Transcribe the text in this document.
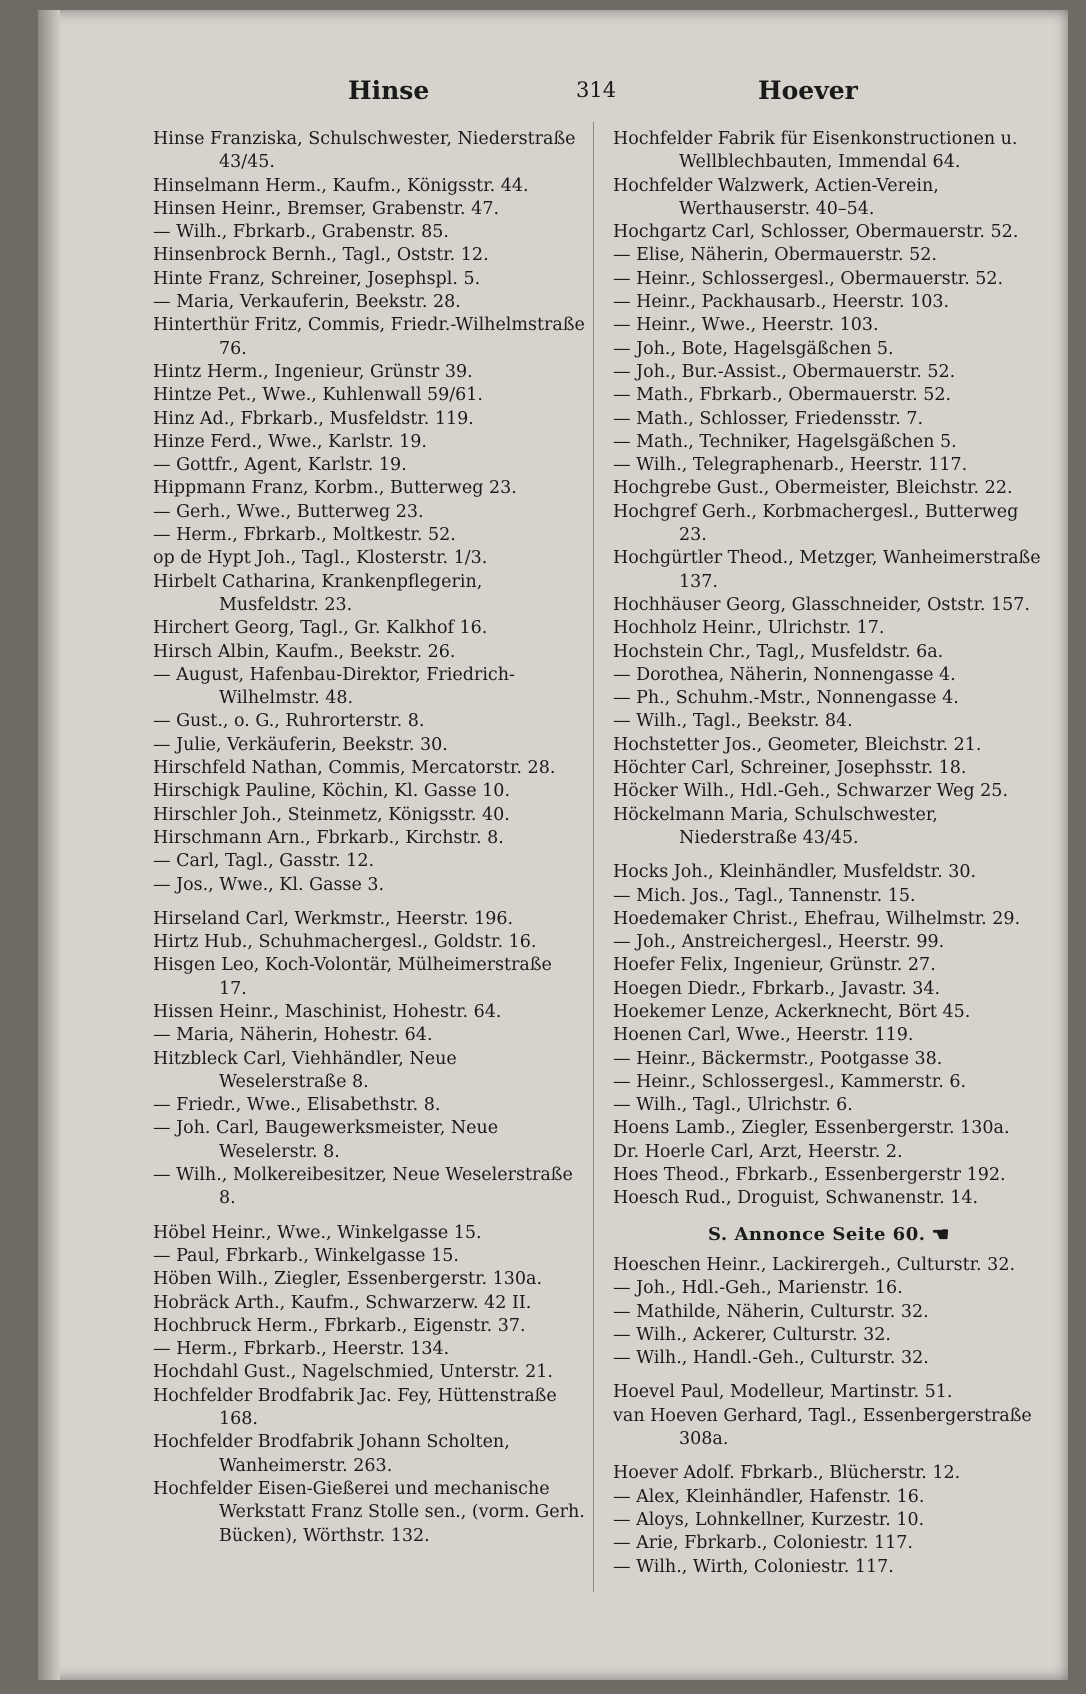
Hinse	314	Hoever

Hinse Franziska, Schulschwester, Niederstraße 43/45.

Hinselmann Herm., Kaufm., Königsstr. 44.

Hinsen Heinr., Bremser, Grabenstr. 47.

— Wilh., Fbrkarb., Grabenstr. 85.

Hinsenbrock Bernh., Tagl., Oststr. 12.

Hinte Franz, Schreiner, Josephspl. 5.

— Maria, Verkauferin, Beekstr. 28.

Hinterthür Fritz, Commis, Friedr.-Wilhelmstraße 76.

Hintz Herm., Ingenieur, Grünstr 39.

Hintze Pet., Wwe., Kuhlenwall 59/61.

Hinz Ad., Fbrkarb., Musfeldstr. 119.

Hinze Ferd., Wwe., Karlstr. 19.

— Gottfr., Agent, Karlstr. 19.

Hippmann Franz, Korbm., Butterweg 23.

— Gerh., Wwe., Butterweg 23.

— Herm., Fbrkarb., Moltkestr. 52.

op de Hypt Joh., Tagl., Klosterstr. 1/3.

Hirbelt Catharina, Krankenpflegerin, Musfeldstr. 23.

Hirchert Georg, Tagl., Gr. Kalkhof 16.

Hirsch Albin, Kaufm., Beekstr. 26.

— August, Hafenbau-Direktor, Friedrich-Wilhelmstr. 48.

— Gust., o. G., Ruhrorterstr. 8.

— Julie, Verkäuferin, Beekstr. 30.

Hirschfeld Nathan, Commis, Mercatorstr. 28.

Hirschigk Pauline, Köchin, Kl. Gasse 10.

Hirschler Joh., Steinmetz, Königsstr. 40.

Hirschmann Arn., Fbrkarb., Kirchstr. 8.

— Carl, Tagl., Gasstr. 12.

— Jos., Wwe., Kl. Gasse 3.

Hirseland Carl, Werkmstr., Heerstr. 196.

Hirtz Hub., Schuhmachergesl., Goldstr. 16.

Hisgen Leo, Koch-Volontär, Mülheimerstraße 17.

Hissen Heinr., Maschinist, Hohestr. 64.

— Maria, Näherin, Hohestr. 64.

Hitzbleck Carl, Viehhändler, Neue Weselerstraße 8.

— Friedr., Wwe., Elisabethstr. 8.

— Joh. Carl, Baugewerksmeister, Neue Weselerstr. 8.

— Wilh., Molkereibesitzer, Neue Weselerstraße 8.

Höbel Heinr., Wwe., Winkelgasse 15.

— Paul, Fbrkarb., Winkelgasse 15.

Höben Wilh., Ziegler, Essenbergerstr. 130a.

Hobräck Arth., Kaufm., Schwarzerw. 42 II.

Hochbruck Herm., Fbrkarb., Eigenstr. 37.

— Herm., Fbrkarb., Heerstr. 134.

Hochdahl Gust., Nagelschmied, Unterstr. 21.

Hochfelder Brodfabrik Jac. Fey, Hüttenstraße 168.

Hochfelder Brodfabrik Johann Scholten, Wanheimerstr. 263.

Hochfelder Eisen-Gießerei und mechanische Werkstatt Franz Stolle sen., (vorm. Gerh. Bücken), Wörthstr. 132.

Hochfelder Fabrik für Eisenkonstructionen u. Wellblechbauten, Immendal 64.

Hochfelder Walzwerk, Actien-Verein, Werthauserstr. 40–54.

Hochgartz Carl, Schlosser, Obermauerstr. 52.

— Elise, Näherin, Obermauerstr. 52.

— Heinr., Schlossergesl., Obermauerstr. 52.

— Heinr., Packhausarb., Heerstr. 103.

— Heinr., Wwe., Heerstr. 103.

— Joh., Bote, Hagelsgäßchen 5.

— Joh., Bur.-Assist., Obermauerstr. 52.

— Math., Fbrkarb., Obermauerstr. 52.

— Math., Schlosser, Friedensstr. 7.

— Math., Techniker, Hagelsgäßchen 5.

— Wilh., Telegraphenarb., Heerstr. 117.

Hochgrebe Gust., Obermeister, Bleichstr. 22.

Hochgref Gerh., Korbmachergesl., Butterweg 23.

Hochgürtler Theod., Metzger, Wanheimerstraße 137.

Hochhäuser Georg, Glasschneider, Oststr. 157.

Hochholz Heinr., Ulrichstr. 17.

Hochstein Chr., Tagl,, Musfeldstr. 6a.

— Dorothea, Näherin, Nonnengasse 4.

— Ph., Schuhm.-Mstr., Nonnengasse 4.

— Wilh., Tagl., Beekstr. 84.

Hochstetter Jos., Geometer, Bleichstr. 21.

Höchter Carl, Schreiner, Josephsstr. 18.

Höcker Wilh., Hdl.-Geh., Schwarzer Weg 25.

Höckelmann Maria, Schulschwester, Niederstraße 43/45.

Hocks Joh., Kleinhändler, Musfeldstr. 30.

— Mich. Jos., Tagl., Tannenstr. 15.

Hoedemaker Christ., Ehefrau, Wilhelmstr. 29.

— Joh., Anstreichergesl., Heerstr. 99.

Hoefer Felix, Ingenieur, Grünstr. 27.

Hoegen Diedr., Fbrkarb., Javastr. 34.

Hoekemer Lenze, Ackerknecht, Bört 45.

Hoenen Carl, Wwe., Heerstr. 119.

— Heinr., Bäckermstr., Pootgasse 38.

— Heinr., Schlossergesl., Kammerstr. 6.

— Wilh., Tagl., Ulrichstr. 6.

Hoens Lamb., Ziegler, Essenbergerstr. 130a.

Dr. Hoerle Carl, Arzt, Heerstr. 2.

Hoes Theod., Fbrkarb., Essenbergerstr 192.

Hoesch Rud., Droguist, Schwanenstr. 14.

S. Annonce Seite 60. ☚

Hoeschen Heinr., Lackirergeh., Culturstr. 32.

— Joh., Hdl.-Geh., Marienstr. 16.

— Mathilde, Näherin, Culturstr. 32.

— Wilh., Ackerer, Culturstr. 32.

— Wilh., Handl.-Geh., Culturstr. 32.

Hoevel Paul, Modelleur, Martinstr. 51.

van Hoeven Gerhard, Tagl., Essenbergerstraße 308a.

Hoever Adolf. Fbrkarb., Blücherstr. 12.

— Alex, Kleinhändler, Hafenstr. 16.

— Aloys, Lohnkellner, Kurzestr. 10.

— Arie, Fbrkarb., Coloniestr. 117.

— Wilh., Wirth, Coloniestr. 117.
